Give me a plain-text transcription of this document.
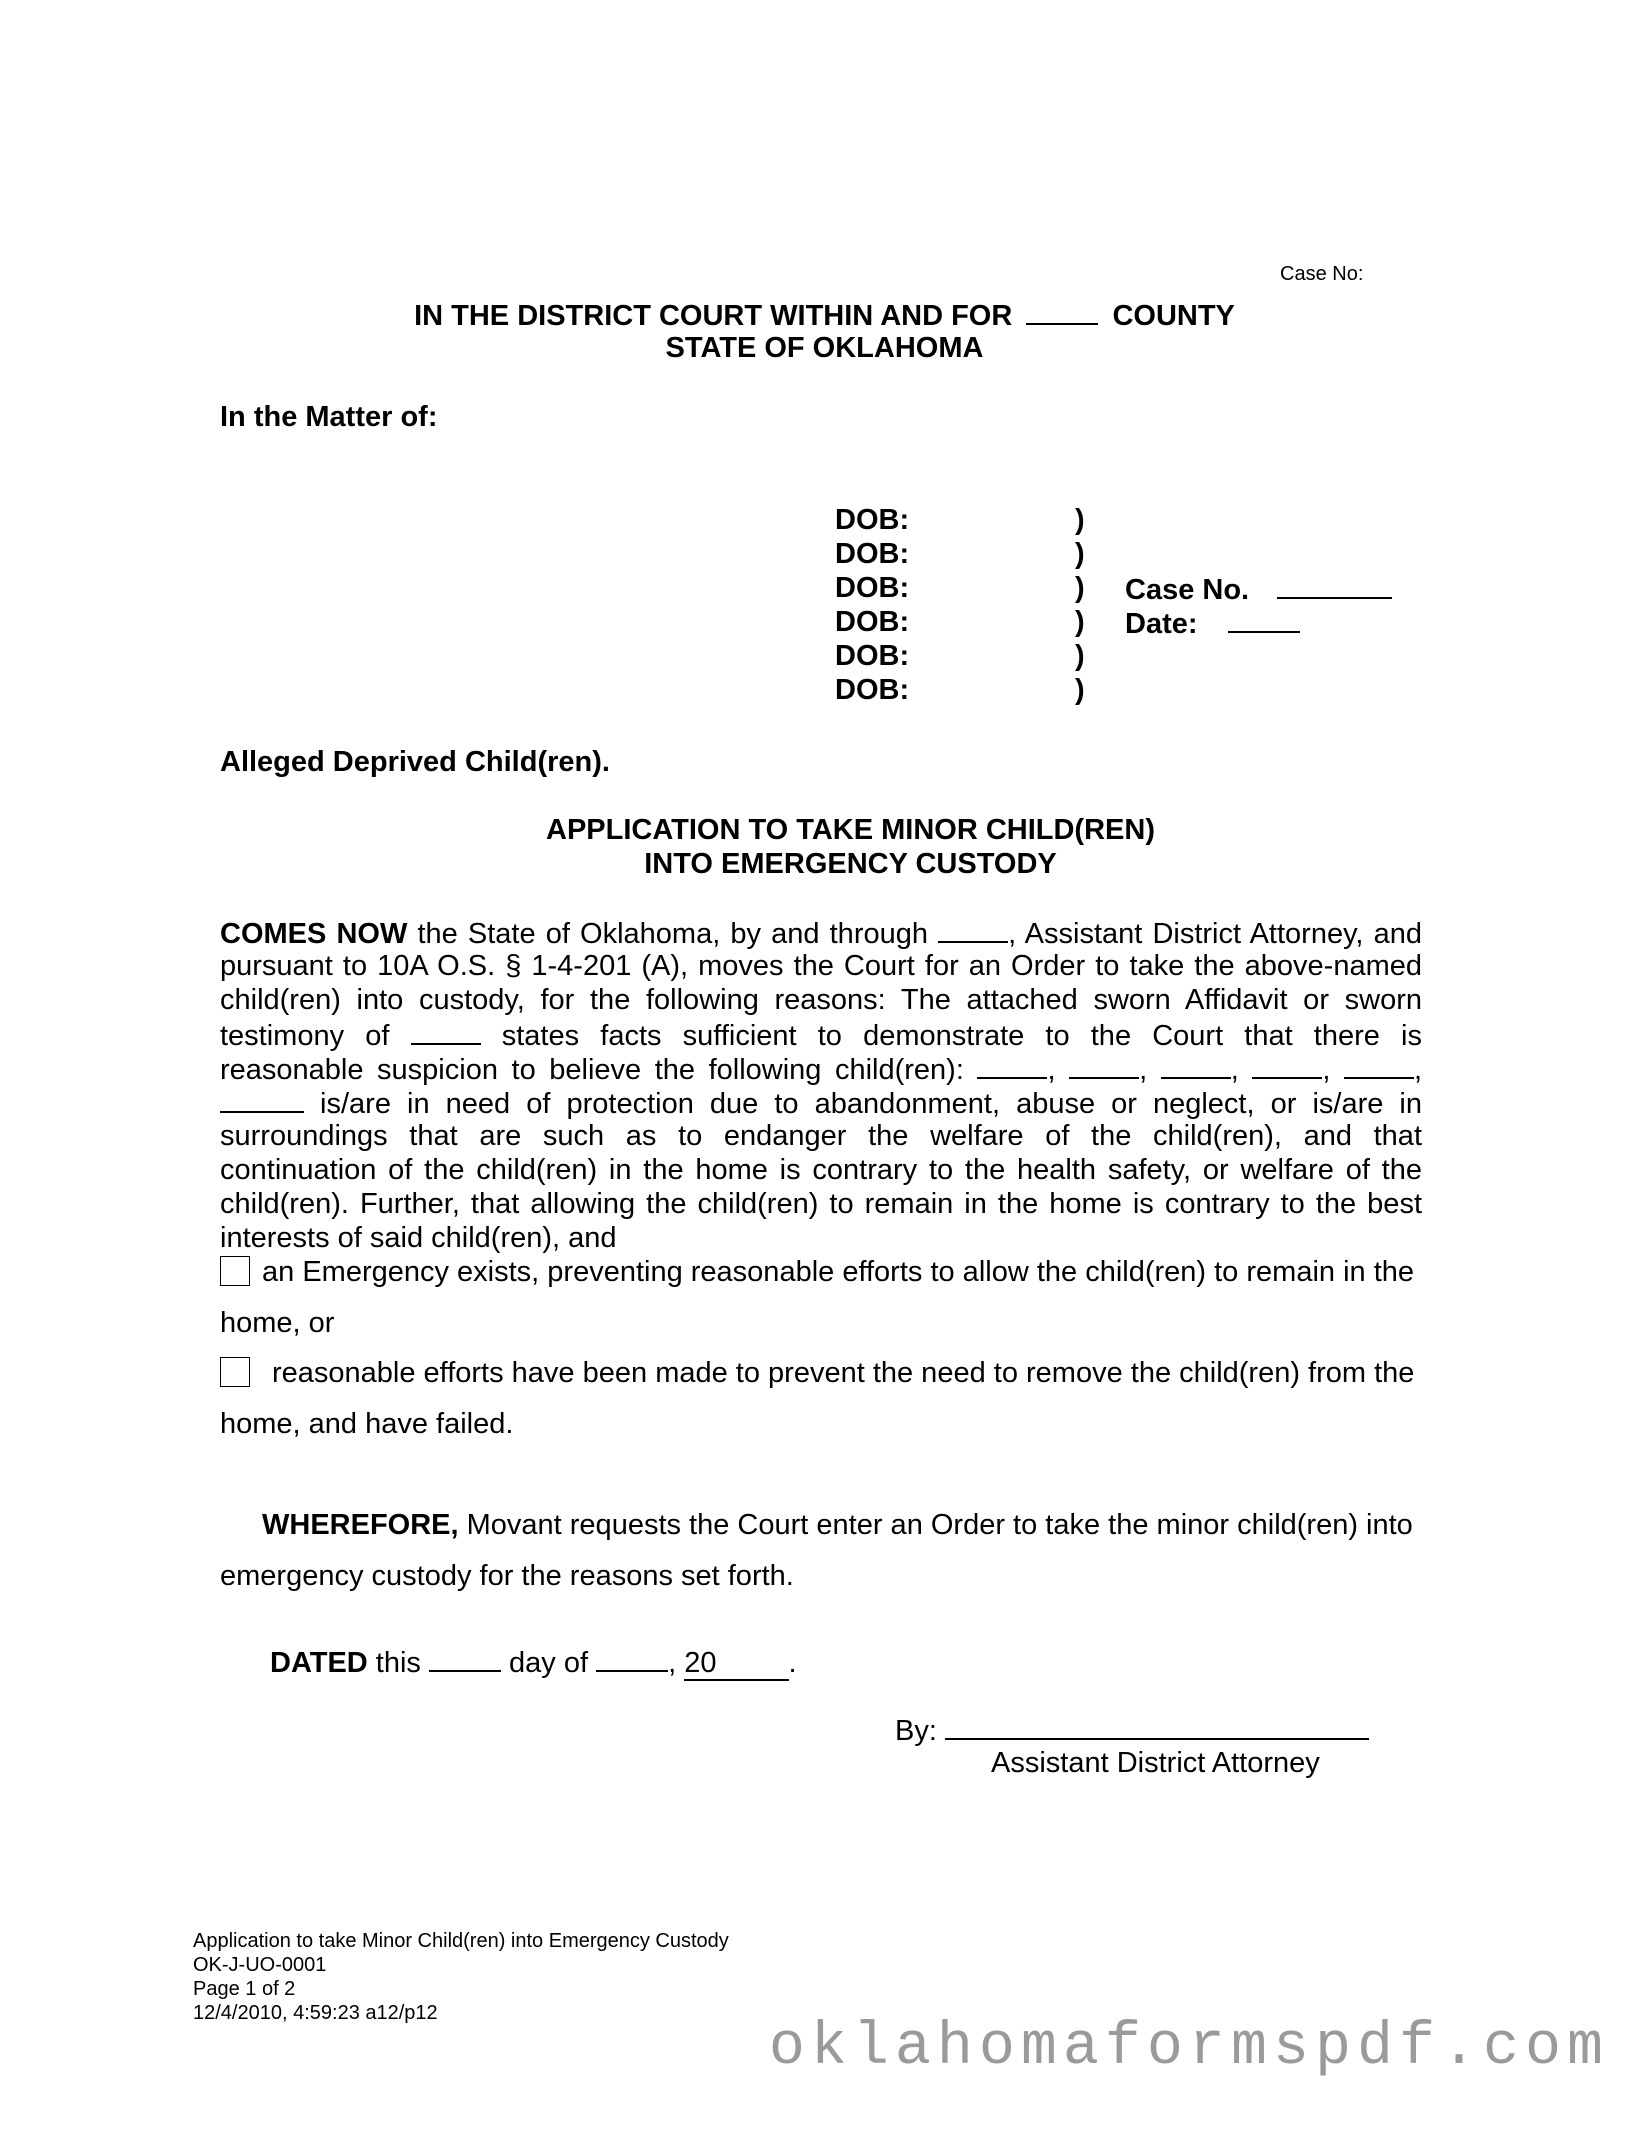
Case No:
IN THE DISTRICT COURT WITHIN AND FOR	COUNTY
STATE OF OKLAHOMA
In the Matter of:
DOB:
DOB:
DOB:
DOB:
DOB:
DOB:
)
)
)
)
)
)
Case No.
Date:
Alleged Deprived Child(ren).
APPLICATION TO TAKE MINOR CHILD(REN)
INTO EMERGENCY CUSTODY
COMES NOW the State of Oklahoma, by and through , Assistant District Attorney, and
pursuant to 10A O.S. § 1-4-201 (A), moves the Court for an Order to take the above-named
child(ren) into custody, for the following reasons: The attached sworn Affidavit or sworn
testimony of  states facts sufficient to demonstrate to the Court that there is
reasonable suspicion to believe the following child(ren): , , , , ,
is/are in need of protection due to abandonment, abuse or neglect, or is/are in
surroundings that are such as to endanger the welfare of the child(ren), and that
continuation of the child(ren) in the home is contrary to the health safety, or welfare of the
child(ren). Further, that allowing the child(ren) to remain in the home is contrary to the best
interests of said child(ren), and
an Emergency exists, preventing reasonable efforts to allow the child(ren) to remain in the
home, or
reasonable efforts have been made to prevent the need to remove the child(ren) from the
home, and have failed.
WHEREFORE, Movant requests the Court enter an Order to take the minor child(ren) into
emergency custody for the reasons set forth.
DATED this  day of , 20 .
By:
Assistant District Attorney
Application to take Minor Child(ren) into Emergency Custody
OK-J-UO-0001
Page 1 of 2
12/4/2010, 4:59:23 a12/p12
oklahomaformspdf.com
